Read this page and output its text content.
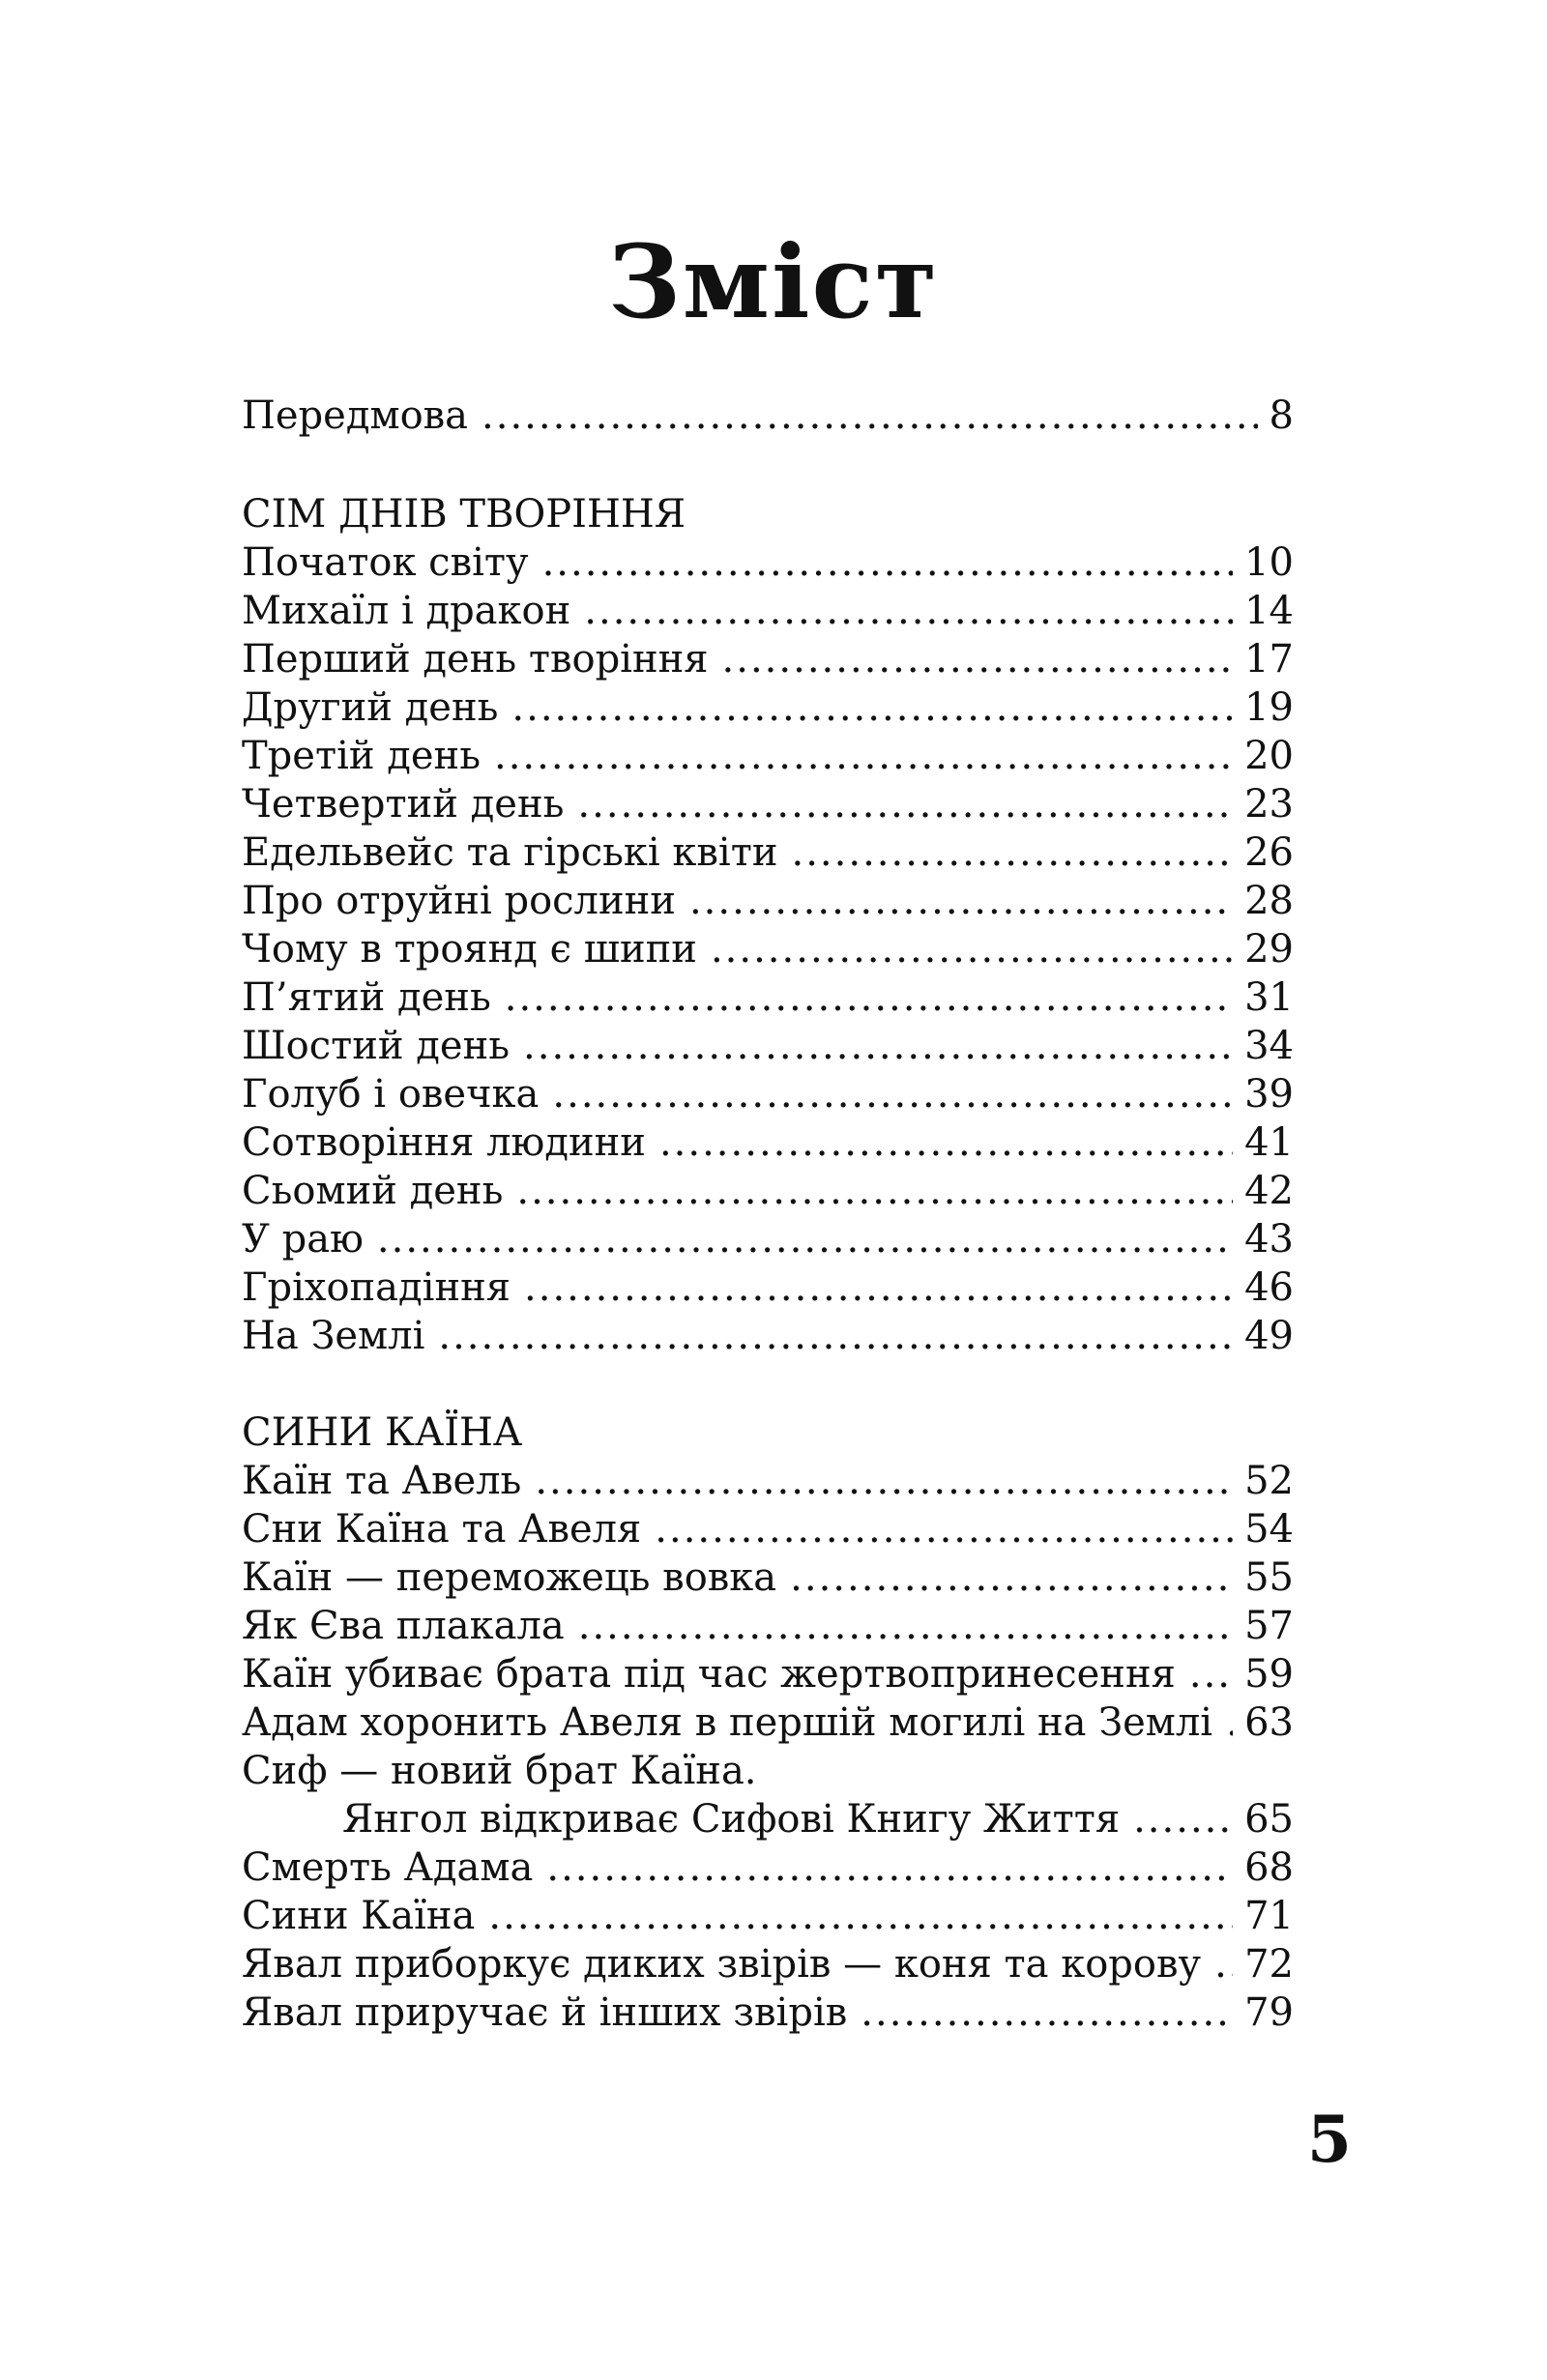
Зміст
Передмова .....	8
СІМ ДНІВ ТВОРІННЯ
Початок світу .....	10
Михаїл і дракон .....	14
Перший день творіння .....	17
Другий день .....	19
Третій день .....	20
Четвертий день .....	23
Едельвейс та гірські квіти .....	26
Про отруйні рослини .....	28
Чому в троянд є шипи .....	29
П’ятий день .....	31
Шостий день .....	34
Голуб і овечка .....	39
Сотворіння людини .....	41
Сьомий день .....	42
У раю .....	43
Гріхопадіння .....	46
На Землі .....	49
СИНИ КАЇНА
Каїн та Авель .....	52
Сни Каїна та Авеля .....	54
Каїн — переможець вовка .....	55
Як Єва плакала .....	57
Каїн убиває брата під час жертвопринесення ..... 59
Адам хоронить Авеля в першій могилі на Землі ..... 63
Сиф — новий брат Каїна.
Янгол відкриває Сифові Книгу Життя .....	65
Смерть Адама .....	68
Сини Каїна .....	71
Явал приборкує диких звірів — коня та корову ..... 72
Явал приручає й інших звірів .....	79
5
